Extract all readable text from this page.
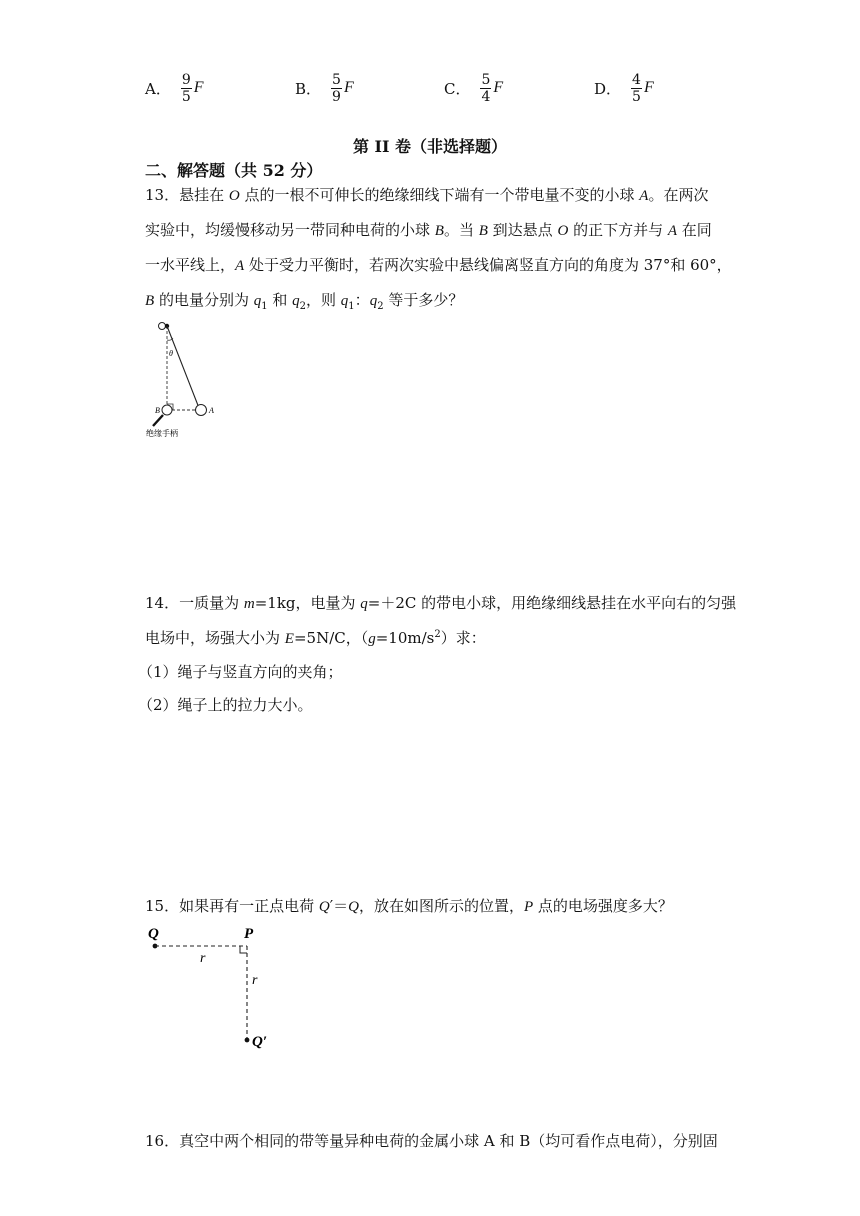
A． $\frac{9}{5}$ F	B． $\frac{5}{9}$ F	C． $\frac{5}{4}$ F	D． $\frac{4}{5}$ F
第 II 卷（非选择题）
二、解答题（共 52 分）
13．悬挂在 O 点的一根不可伸长的绝缘细线下端有一个带电量不变的小球 A。在两次
实验中，均缓慢移动另一带同种电荷的小球 B。当 B 到达悬点 O 的正下方并与 A 在同
一水平线上，A 处于受力平衡时，若两次实验中悬线偏离竖直方向的角度为 37°和 60°，
B 的电量分别为 $q_1$ 和 $q_2$，则 $q_1$：$q_2$ 等于多少？
θ
B	A
绝缘手柄
14．一质量为 m=1kg，电量为 q=＋2C 的带电小球，用绝缘细线悬挂在水平向右的匀强
电场中，场强大小为 E=5N/C，$(g=10m/s^2)$求：
（1）绳子与竖直方向的夹角；
（2）绳子上的拉力大小。
15．如果再有一正点电荷 Q′＝Q，放在如图所示的位置，P 点的电场强度多大？
Q	P
r
r
Q′
16．真空中两个相同的带等量异种电荷的金属小球 A 和 B（均可看作点电荷），分别固
